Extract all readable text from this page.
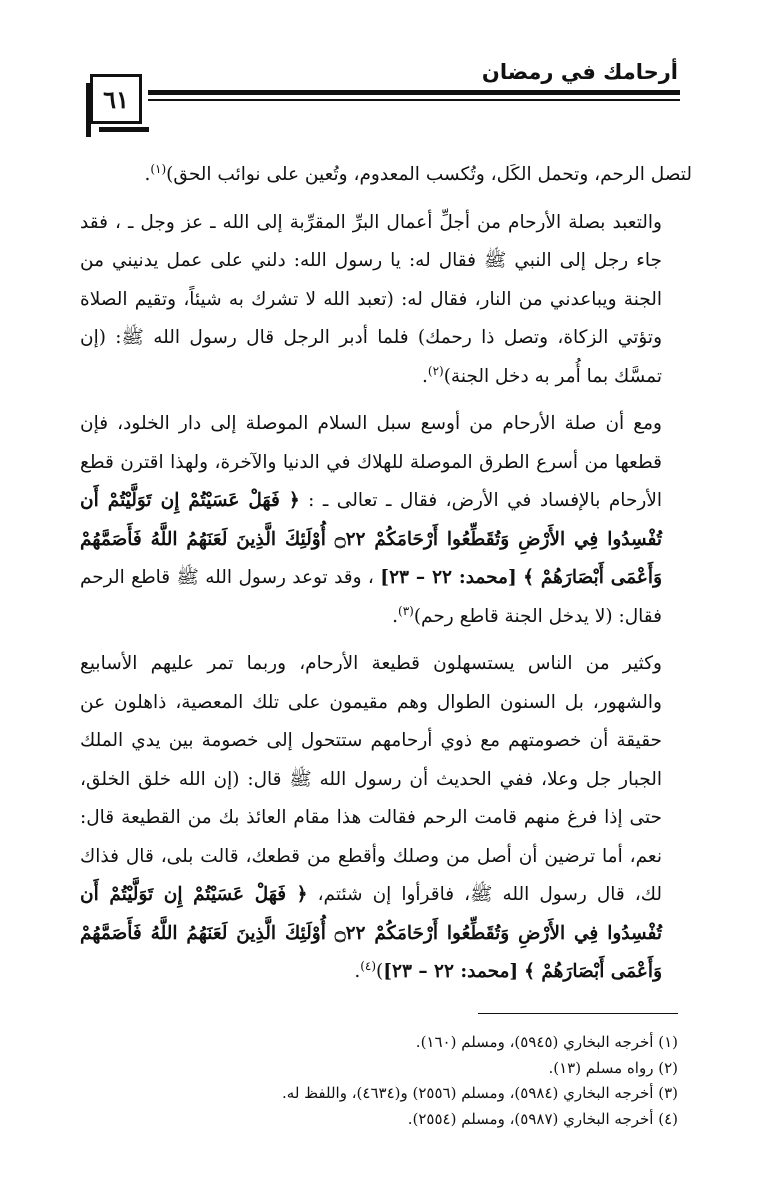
أرحامك في رمضان
٦١

لتصل الرحم، وتحمل الكَل، وتُكسب المعدوم، وتُعين على نوائب الحق)$^{(١)}$.

والتعبد بصلة الأرحام من أجلِّ أعمال البرِّ المقرِّبة إلى الله ـ عز وجل ـ ، فقد جاء رجل إلى النبي ﷺ فقال له: يا رسول الله: دلني على عمل يدنيني من الجنة ويباعدني من النار، فقال له: (تعبد الله لا تشرك به شيئاً، وتقيم الصلاة وتؤتي الزكاة، وتصل ذا رحمك) فلما أدبر الرجل قال رسول الله ﷺ: (إن تمسَّك بما أُمر به دخل الجنة)$^{(٢)}$.

ومع أن صلة الأرحام من أوسع سبل السلام الموصلة إلى دار الخلود، فإن قطعها من أسرع الطرق الموصلة للهلاك في الدنيا والآخرة، ولهذا اقترن قطع الأرحام بالإفساد في الأرض، فقال ـ تعالى ـ : ﴿ فَهَلْ عَسَيْتُمْ إِن تَوَلَّيْتُمْ أَن تُفْسِدُوا فِي الأَرْضِ وَتُقَطِّعُوا أَرْحَامَكُمْ ۝٢٢ أُوْلَئِكَ الَّذِينَ لَعَنَهُمُ اللَّهُ فَأَصَمَّهُمْ وَأَعْمَى أَبْصَارَهُمْ ﴾ [محمد: ٢٢ – ٢٣] ، وقد توعد رسول الله ﷺ قاطع الرحم فقال: (لا يدخل الجنة قاطع رحم)$^{(٣)}$.

وكثير من الناس يستسهلون قطيعة الأرحام، وربما تمر عليهم الأسابيع والشهور، بل السنون الطوال وهم مقيمون على تلك المعصية، ذاهلون عن حقيقة أن خصومتهم مع ذوي أرحامهم ستتحول إلى خصومة بين يدي الملك الجبار جل وعلا، ففي الحديث أن رسول الله ﷺ قال: (إن الله خلق الخلق، حتى إذا فرغ منهم قامت الرحم فقالت هذا مقام العائذ بك من القطيعة قال: نعم، أما ترضين أن أصل من وصلك وأقطع من قطعك، قالت بلى، قال فذاك لك، قال رسول الله ﷺ، فاقرأوا إن شئتم، ﴿ فَهَلْ عَسَيْتُمْ إِن تَوَلَّيْتُمْ أَن تُفْسِدُوا فِي الأَرْضِ وَتُقَطِّعُوا أَرْحَامَكُمْ ۝٢٢ أُوْلَئِكَ الَّذِينَ لَعَنَهُمُ اللَّهُ فَأَصَمَّهُمْ وَأَعْمَى أَبْصَارَهُمْ ﴾ [محمد: ٢٢ – ٢٣])$^{(٤)}$.

(١) أخرجه البخاري (٥٩٤٥)، ومسلم (١٦٠).
(٢) رواه مسلم (١٣).
(٣) أخرجه البخاري (٥٩٨٤)، ومسلم (٢٥٥٦) و(٤٦٣٤)، واللفظ له.
(٤) أخرجه البخاري (٥٩٨٧)، ومسلم (٢٥٥٤).
